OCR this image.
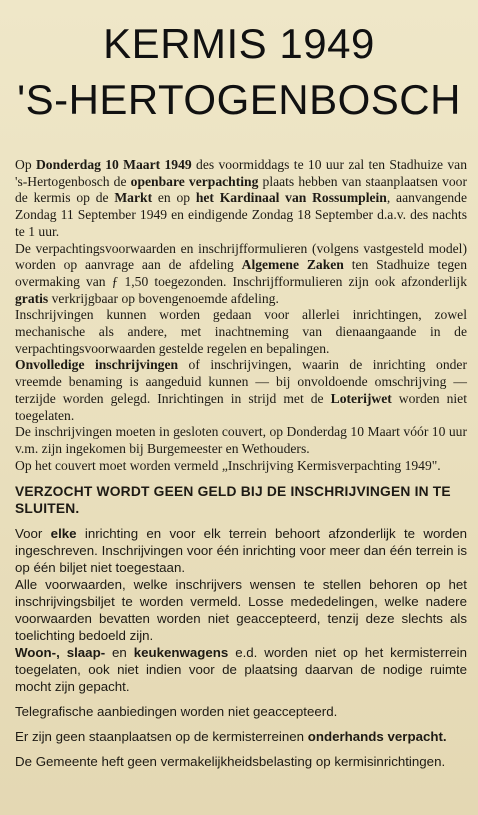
KERMIS 1949
'S-HERTOGENBOSCH

Op Donderdag 10 Maart 1949 des voormiddags te 10 uur zal ten Stadhuize van 's-Hertogenbosch de openbare verpachting plaats hebben van staanplaatsen voor de kermis op de Markt en op het Kardinaal van Rossumplein, aanvangende Zondag 11 September 1949 en eindigende Zondag 18 September d.a.v. des nachts te 1 uur.

De verpachtingsvoorwaarden en inschrijfformulieren (volgens vastgesteld model) worden op aanvrage aan de afdeling Algemene Zaken ten Stadhuize tegen overmaking van ƒ 1,50 toegezonden. Inschrijfformulieren zijn ook afzonderlijk gratis verkrijgbaar op bovengenoemde afdeling.

Inschrijvingen kunnen worden gedaan voor allerlei inrichtingen, zowel mechanische als andere, met inachtneming van dienaangaande in de verpachtingsvoorwaarden gestelde regelen en bepalingen.

Onvolledige inschrijvingen of inschrijvingen, waarin de inrichting onder vreemde benaming is aangeduid kunnen — bij onvoldoende omschrijving — terzijde worden gelegd. Inrichtingen in strijd met de Loterijwet worden niet toegelaten.

De inschrijvingen moeten in gesloten couvert, op Donderdag 10 Maart vóór 10 uur v.m. zijn ingekomen bij Burgemeester en Wethouders.

Op het couvert moet worden vermeld „Inschrijving Kermisverpachting 1949".

VERZOCHT WORDT GEEN GELD BIJ DE INSCHRIJVINGEN IN TE SLUITEN.

Voor elke inrichting en voor elk terrein behoort afzonderlijk te worden ingeschreven. Inschrijvingen voor één inrichting voor meer dan één terrein is op één biljet niet toegestaan.

Alle voorwaarden, welke inschrijvers wensen te stellen behoren op het inschrijvingsbiljet te worden vermeld. Losse mededelingen, welke nadere voorwaarden bevatten worden niet geaccepteerd, tenzij deze slechts als toelichting bedoeld zijn.

Woon-, slaap- en keukenwagens e.d. worden niet op het kermisterrein toegelaten, ook niet indien voor de plaatsing daarvan de nodige ruimte mocht zijn gepacht.

Telegrafische aanbiedingen worden niet geaccepteerd.

Er zijn geen staanplaatsen op de kermisterreinen onderhands verpacht.

De Gemeente heft geen vermakelijkheidsbelasting op kermisinrichtingen.
